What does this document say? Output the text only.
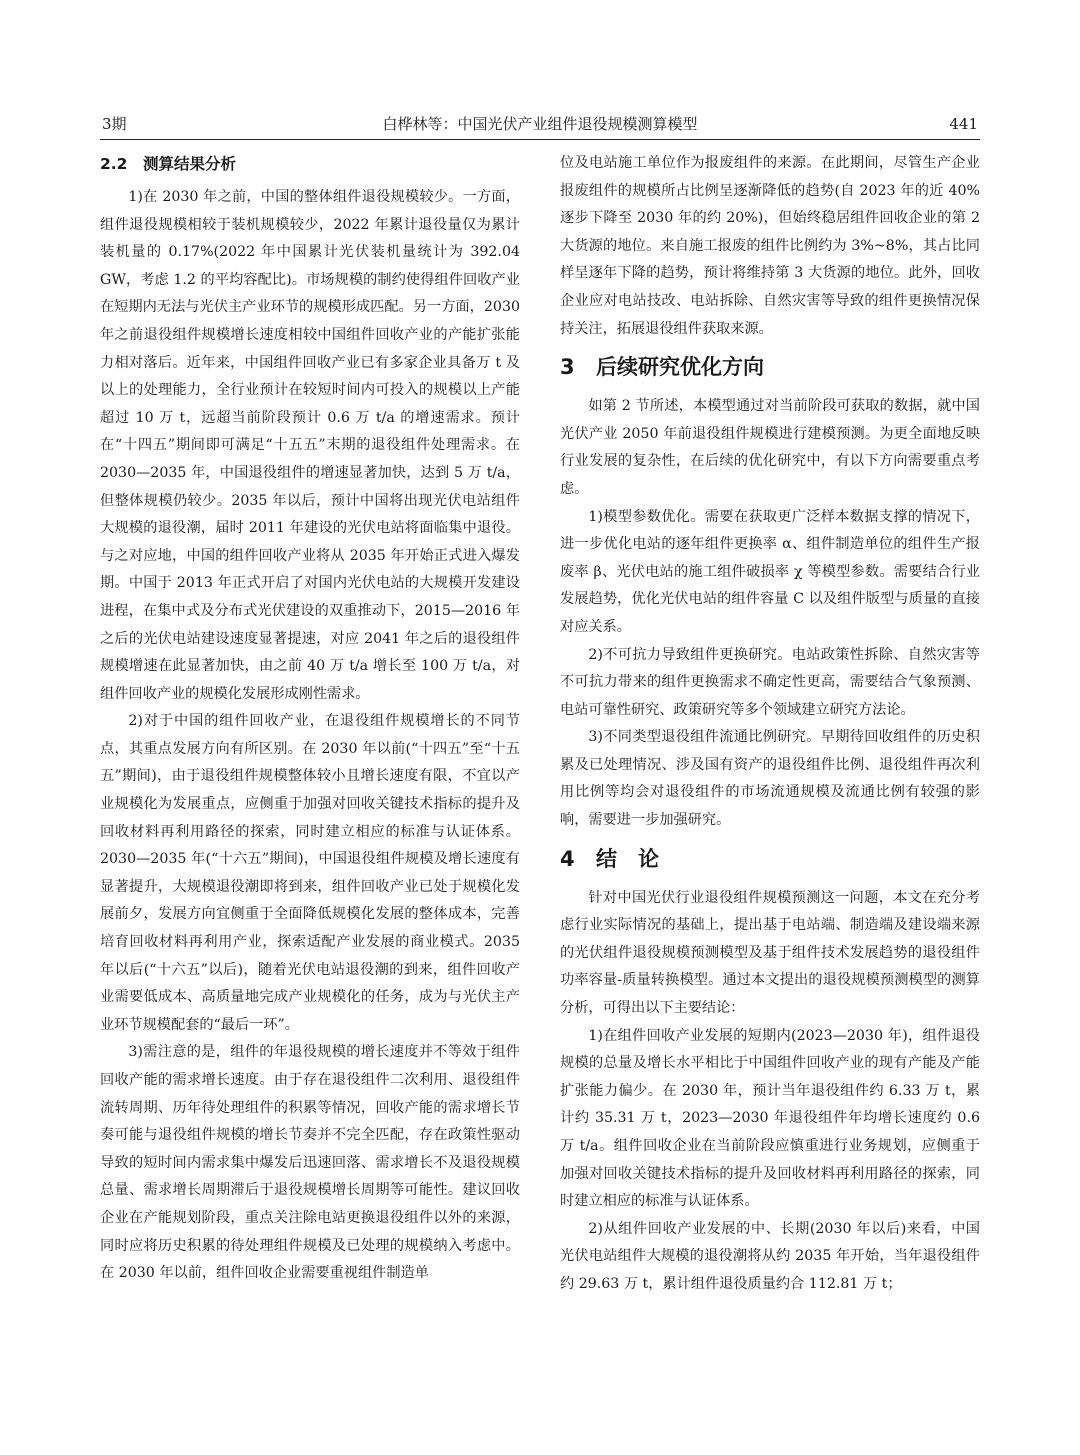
3期	白桦林等：中国光伏产业组件退役规模测算模型	441
2.2　测算结果分析

1)在 2030 年之前，中国的整体组件退役规模较少。一方面，组件退役规模相较于装机规模较少，2022 年累计退役量仅为累计装机量的 0.17%(2022 年中国累计光伏装机量统计为 392.04 GW，考虑 1.2 的平均容配比)。市场规模的制约使得组件回收产业在短期内无法与光伏主产业环节的规模形成匹配。另一方面，2030 年之前退役组件规模增长速度相较中国组件回收产业的产能扩张能力相对落后。近年来，中国组件回收产业已有多家企业具备万 t 及以上的处理能力，全行业预计在较短时间内可投入的规模以上产能超过 10 万 t，远超当前阶段预计 0.6 万 t/a 的增速需求。预计在“十四五”期间即可满足“十五五”末期的退役组件处理需求。在 2030—2035 年，中国退役组件的增速显著加快，达到 5 万 t/a，但整体规模仍较少。2035 年以后，预计中国将出现光伏电站组件大规模的退役潮，届时 2011 年建设的光伏电站将面临集中退役。与之对应地，中国的组件回收产业将从 2035 年开始正式进入爆发期。中国于 2013 年正式开启了对国内光伏电站的大规模开发建设进程，在集中式及分布式光伏建设的双重推动下，2015—2016 年之后的光伏电站建设速度显著提速，对应 2041 年之后的退役组件规模增速在此显著加快，由之前 40 万 t/a 增长至 100 万 t/a，对组件回收产业的规模化发展形成刚性需求。

2)对于中国的组件回收产业，在退役组件规模增长的不同节点，其重点发展方向有所区别。在 2030 年以前(“十四五”至“十五五”期间)，由于退役组件规模整体较小且增长速度有限，不宜以产业规模化为发展重点，应侧重于加强对回收关键技术指标的提升及回收材料再利用路径的探索，同时建立相应的标准与认证体系。2030—2035 年(“十六五”期间)，中国退役组件规模及增长速度有显著提升，大规模退役潮即将到来，组件回收产业已处于规模化发展前夕，发展方向宜侧重于全面降低规模化发展的整体成本，完善培育回收材料再利用产业，探索适配产业发展的商业模式。2035 年以后(“十六五”以后)，随着光伏电站退役潮的到来，组件回收产业需要低成本、高质量地完成产业规模化的任务，成为与光伏主产业环节规模配套的“最后一环”。

3)需注意的是，组件的年退役规模的增长速度并不等效于组件回收产能的需求增长速度。由于存在退役组件二次利用、退役组件流转周期、历年待处理组件的积累等情况，回收产能的需求增长节奏可能与退役组件规模的增长节奏并不完全匹配，存在政策性驱动导致的短时间内需求集中爆发后迅速回落、需求增长不及退役规模总量、需求增长周期滞后于退役规模增长周期等可能性。建议回收企业在产能规划阶段，重点关注除电站更换退役组件以外的来源，同时应将历史积累的待处理组件规模及已处理的规模纳入考虑中。在 2030 年以前，组件回收企业需要重视组件制造单

位及电站施工单位作为报废组件的来源。在此期间，尽管生产企业报废组件的规模所占比例呈逐渐降低的趋势(自 2023 年的近 40% 逐步下降至 2030 年的约 20%)，但始终稳居组件回收企业的第 2 大货源的地位。来自施工报废的组件比例约为 3%~8%，其占比同样呈逐年下降的趋势，预计将维持第 3 大货源的地位。此外，回收企业应对电站技改、电站拆除、自然灾害等导致的组件更换情况保持关注，拓展退役组件获取来源。

3 后续研究优化方向

如第 2 节所述，本模型通过对当前阶段可获取的数据，就中国光伏产业 2050 年前退役组件规模进行建模预测。为更全面地反映行业发展的复杂性，在后续的优化研究中，有以下方向需要重点考虑。

1)模型参数优化。需要在获取更广泛样本数据支撑的情况下，进一步优化电站的逐年组件更换率 α、组件制造单位的组件生产报废率 β、光伏电站的施工组件破损率 χ 等模型参数。需要结合行业发展趋势，优化光伏电站的组件容量 C 以及组件版型与质量的直接对应关系。

2)不可抗力导致组件更换研究。电站政策性拆除、自然灾害等不可抗力带来的组件更换需求不确定性更高，需要结合气象预测、电站可靠性研究、政策研究等多个领域建立研究方法论。

3)不同类型退役组件流通比例研究。早期待回收组件的历史积累及已处理情况、涉及国有资产的退役组件比例、退役组件再次利用比例等均会对退役组件的市场流通规模及流通比例有较强的影响，需要进一步加强研究。

4 结　论

针对中国光伏行业退役组件规模预测这一问题，本文在充分考虑行业实际情况的基础上，提出基于电站端、制造端及建设端来源的光伏组件退役规模预测模型及基于组件技术发展趋势的退役组件功率容量-质量转换模型。通过本文提出的退役规模预测模型的测算分析，可得出以下主要结论：

1)在组件回收产业发展的短期内(2023—2030 年)，组件退役规模的总量及增长水平相比于中国组件回收产业的现有产能及产能扩张能力偏少。在 2030 年，预计当年退役组件约 6.33 万 t，累计约 35.31 万 t，2023—2030 年退役组件年均增长速度约 0.6 万 t/a。组件回收企业在当前阶段应慎重进行业务规划，应侧重于加强对回收关键技术指标的提升及回收材料再利用路径的探索，同时建立相应的标准与认证体系。

2)从组件回收产业发展的中、长期(2030 年以后)来看，中国光伏电站组件大规模的退役潮将从约 2035 年开始，当年退役组件约 29.63 万 t，累计组件退役质量约合 112.81 万 t；
